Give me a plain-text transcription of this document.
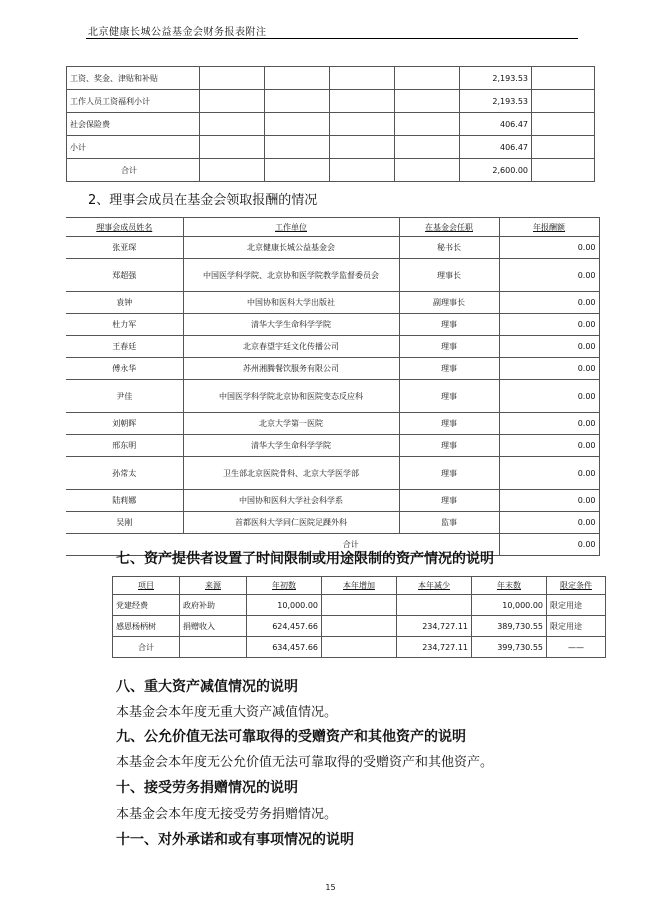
北京健康长城公益基金会财务报表附注
工资、奖金、津贴和补贴					2,193.53	
工作人员工资福利小计					2,193.53	
社会保险费					406.47	
小计					406.47	
合计					2,600.00	
2、理事会成员在基金会领取报酬的情况
理事会成员姓名	工作单位	在基金会任职	年报酬额
张亚琛	北京健康长城公益基金会	秘书长	0.00
郑超强	中国医学科学院、北京协和医学院教学监督委员会	理事长	0.00
袁钟	中国协和医科大学出版社	副理事长	0.00
杜力军	清华大学生命科学学院	理事	0.00
王春廷	北京春望宇廷文化传播公司	理事	0.00
傅永华	苏州湘腾餐饮服务有限公司	理事	0.00
尹佳	中国医学科学院北京协和医院变态反应科	理事	0.00
刘朝晖	北京大学第一医院	理事	0.00
邢东明	清华大学生命科学学院	理事	0.00
孙常太	卫生部北京医院骨科、北京大学医学部	理事	0.00
陆莉娜	中国协和医科大学社会科学系	理事	0.00
吴刚	首都医科大学同仁医院足踝外科	监事	0.00
合计			0.00
七、资产提供者设置了时间限制或用途限制的资产情况的说明
项目	来源	年初数	本年增加	本年减少	年末数	限定条件
党建经费	政府补助	10,000.00			10,000.00	限定用途
感恩杨柄树	捐赠收入	624,457.66		234,727.11	389,730.55	限定用途
合计		634,457.66		234,727.11	399,730.55	——
八、重大资产减值情况的说明
本基金会本年度无重大资产减值情况。
九、公允价值无法可靠取得的受赠资产和其他资产的说明
本基金会本年度无公允价值无法可靠取得的受赠资产和其他资产。
十、接受劳务捐赠情况的说明
本基金会本年度无接受劳务捐赠情况。
十一、对外承诺和或有事项情况的说明
15
